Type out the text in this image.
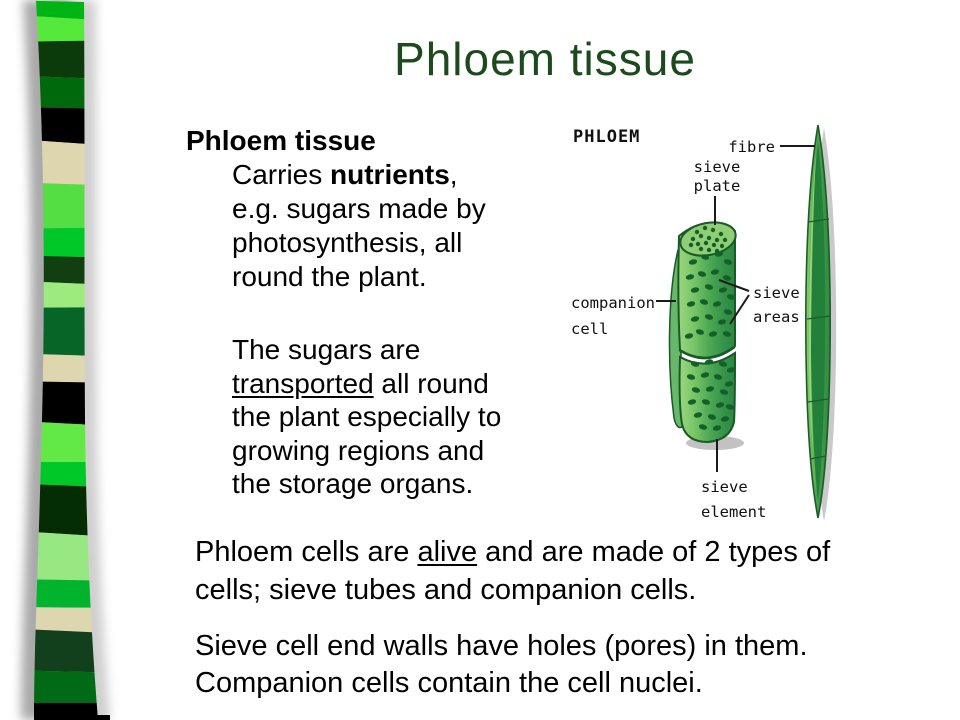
Phloem tissue
Phloem tissue
Carries nutrients,
e.g. sugars made by
photosynthesis, all
round the plant.
The sugars are
transported all round
the plant especially to
growing regions and
the storage organs.
Phloem cells are alive and are made of 2 types of
cells; sieve tubes and companion cells.
Sieve cell end walls have holes (pores) in them.
Companion cells contain the cell nuclei.
PHLOEM	fibre
sieve
plate
companion
cell
sieve
areas
sieve
element
